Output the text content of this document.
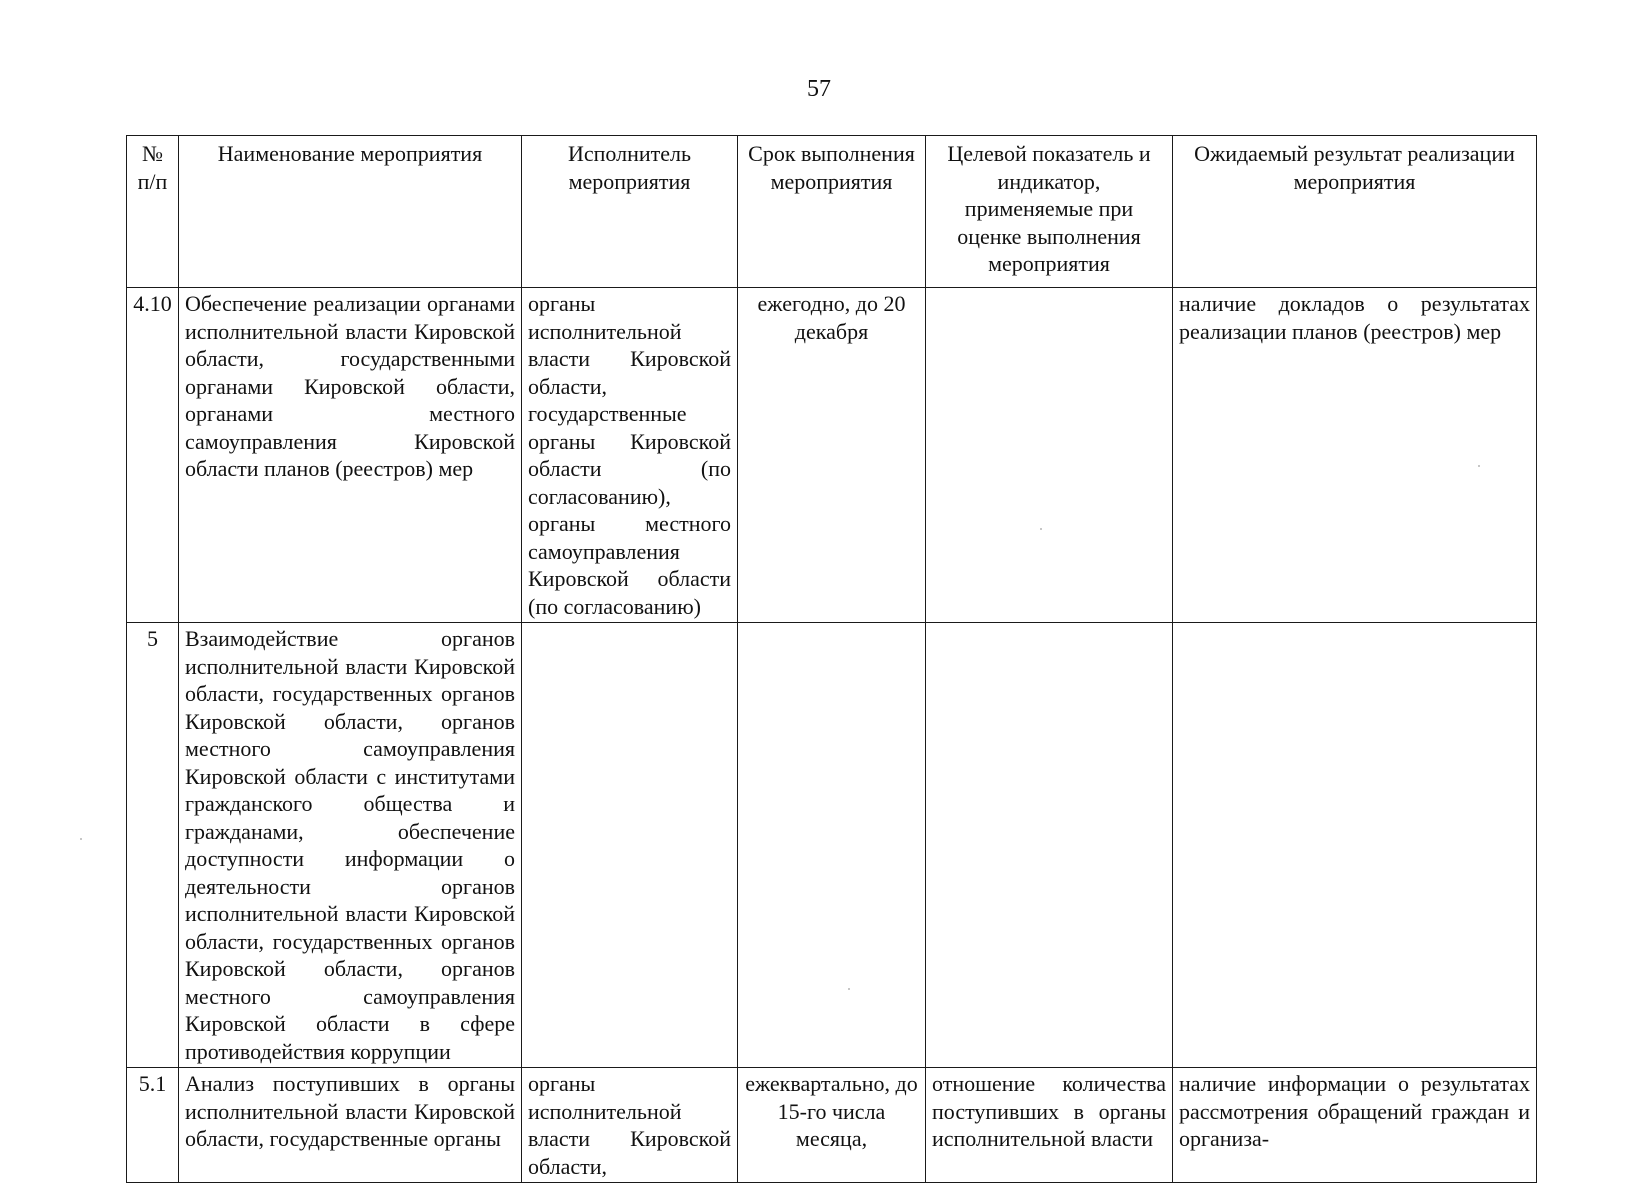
57
№ п/п	Наименование мероприятия	Исполнитель мероприятия	Срок выполнения мероприятия	Целевой показатель и индикатор, применяемые при оценке выполнения мероприятия	Ожидаемый результат реализации мероприятия
4.10	Обеспечение реализации органами исполнительной власти Кировской области, государственными органами Кировской области, органами местного самоуправления Кировской области планов (реестров) мер	органы исполнительной власти Кировской области, государственные органы Кировской области (по согласованию), органы местного самоуправления Кировской области (по согласованию)	ежегодно, до 20 декабря		наличие докладов о результатах реализации планов (реестров) мер
5	Взаимодействие органов исполнительной власти Кировской области, государственных органов Кировской области, органов местного самоуправления Кировской области с институтами гражданского общества и гражданами, обеспечение доступности информации о деятельности органов исполнительной власти Кировской области, государственных органов Кировской области, органов местного самоуправления Кировской области в сфере противодействия коррупции				
5.1	Анализ поступивших в органы исполнительной власти Кировской области, государственные органы	органы исполнительной власти Кировской области,	ежеквартально, до 15-го числа месяца,	отношение количества поступивших в органы исполнительной власти	наличие информации о результатах рассмотрения обращений граждан и организа-
